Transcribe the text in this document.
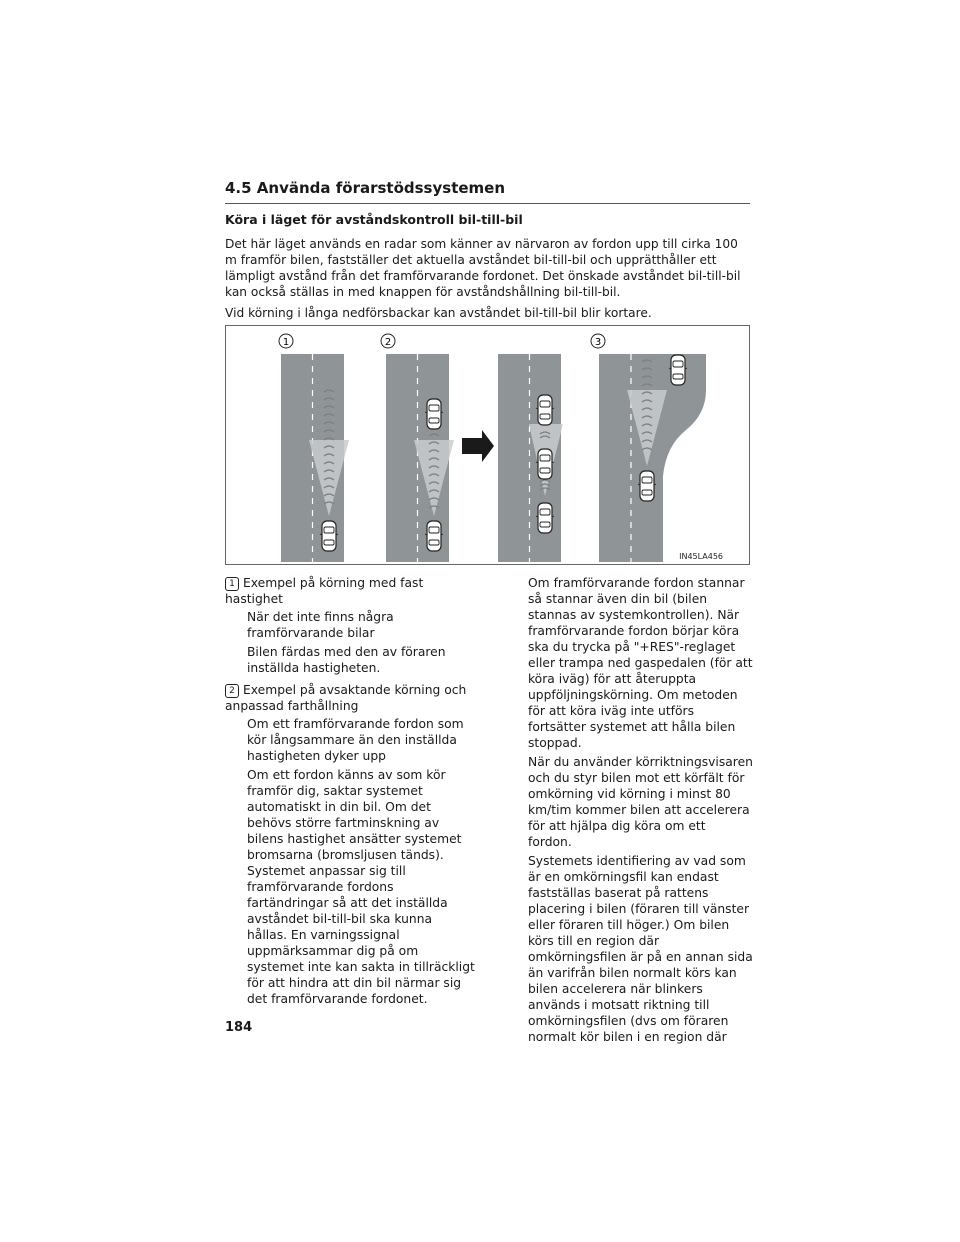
4.5 Använda förarstödssystemen
Köra i läget för avståndskontroll bil-till-bil
Det här läget används en radar som känner av närvaron av fordon upp till cirka 100 m framför bilen, fastställer det aktuella avståndet bil-till-bil och upprätthåller ett lämpligt avstånd från det framförvarande fordonet. Det önskade avståndet bil-till-bil kan också ställas in med knappen för avståndshållning bil-till-bil.
Vid körning i långa nedförsbackar kan avståndet bil-till-bil blir kortare.
1	2	3
IN45LA456
1 Exempel på körning med fast hastighet
När det inte finns några framförvarande bilar
Bilen färdas med den av föraren inställda hastigheten.
2 Exempel på avsaktande körning och anpassad farthållning
Om ett framförvarande fordon som kör långsammare än den inställda hastigheten dyker upp
Om ett fordon känns av som kör framför dig, saktar systemet automatiskt in din bil. Om det behövs större fartminskning av bilens hastighet ansätter systemet bromsarna (bromsljusen tänds). Systemet anpassar sig till framförvarande fordons fartändringar så att det inställda avståndet bil-till-bil ska kunna hållas. En varningssignal uppmärksammar dig på om systemet inte kan sakta in tillräckligt för att hindra att din bil närmar sig det framförvarande fordonet.
Om framförvarande fordon stannar så stannar även din bil (bilen stannas av systemkontrollen). När framförvarande fordon börjar köra ska du trycka på "+RES"-reglaget eller trampa ned gaspedalen (för att köra iväg) för att återuppta uppföljningskörning. Om metoden för att köra iväg inte utförs fortsätter systemet att hålla bilen stoppad.
När du använder körriktningsvisaren och du styr bilen mot ett körfält för omkörning vid körning i minst 80 km/tim kommer bilen att accelerera för att hjälpa dig köra om ett fordon.
Systemets identifiering av vad som är en omkörningsfil kan endast fastställas baserat på rattens placering i bilen (föraren till vänster eller föraren till höger.) Om bilen körs till en region där omkörningsfilen är på en annan sida än varifrån bilen normalt körs kan bilen accelerera när blinkers används i motsatt riktning till omkörningsfilen (dvs om föraren normalt kör bilen i en region där
184
